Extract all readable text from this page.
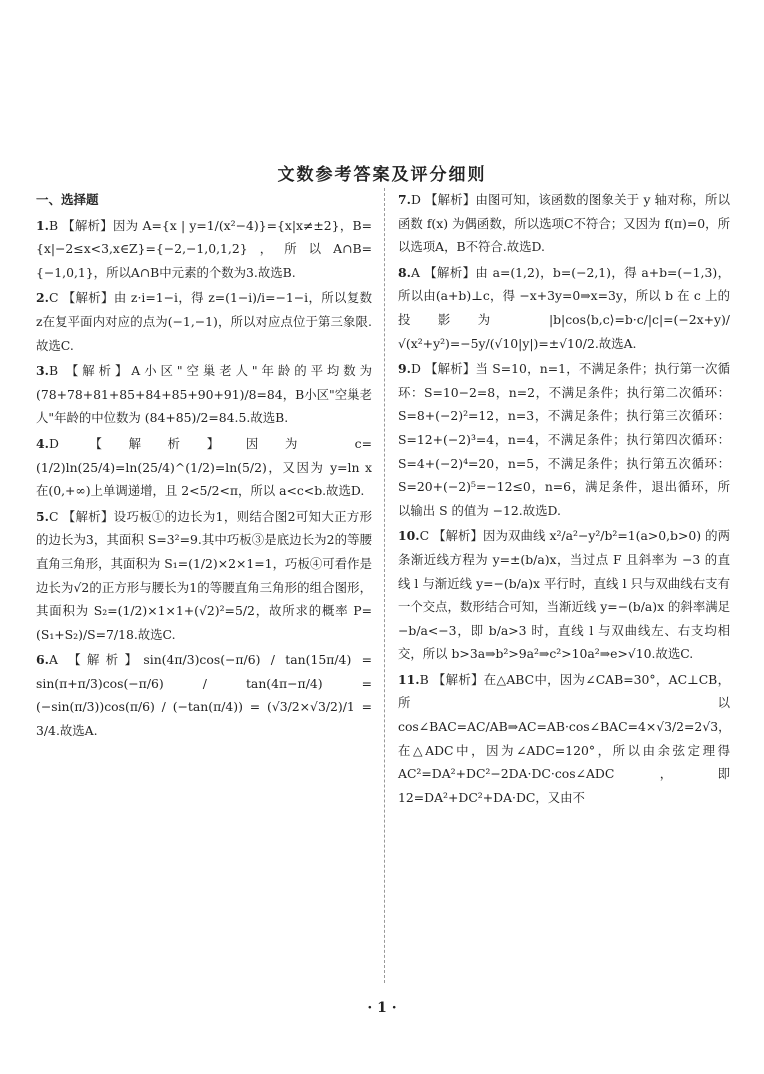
文数参考答案及评分细则
一、选择题
1.B 【解析】因为 A={x | y=1/(x²−4)}={x|x≠±2}，B={x|−2≤x<3,x∈Z}={−2,−1,0,1,2}，所以A∩B={−1,0,1}，所以A∩B中元素的个数为3.故选B.
2.C 【解析】由 z·i=1−i，得 z=(1−i)/i=−1−i，所以复数z在复平面内对应的点为(−1,−1)，所以对应点位于第三象限.故选C.
3.B 【解析】A小区"空巢老人"年龄的平均数为 (78+78+81+85+84+85+90+91)/8=84，B小区"空巢老人"年龄的中位数为 (84+85)/2=84.5.故选B.
4.D 【解析】因为 c=(1/2)ln(25/4)=ln(25/4)^(1/2)=ln(5/2)，又因为 y=ln x 在(0,+∞)上单调递增，且 2<5/2<π，所以 a<c<b.故选D.
5.C 【解析】设巧板①的边长为1，则结合图2可知大正方形的边长为3，其面积 S=3²=9.其中巧板③是底边长为2的等腰直角三角形，其面积为 S₁=(1/2)×2×1=1，巧板④可看作是边长为√2的正方形与腰长为1的等腰直角三角形的组合图形，其面积为 S₂=(1/2)×1×1+(√2)²=5/2，故所求的概率 P=(S₁+S₂)/S=7/18.故选C.
6.A 【解析】sin(4π/3)cos(−π/6) / tan(15π/4) = sin(π+π/3)cos(−π/6) / tan(4π−π/4) = (−sin(π/3))cos(π/6) / (−tan(π/4)) = (√3/2×√3/2)/1 = 3/4.故选A.
7.D 【解析】由图可知，该函数的图象关于 y 轴对称，所以函数 f(x) 为偶函数，所以选项C不符合；又因为 f(π)=0，所以选项A，B不符合.故选D.
8.A 【解析】由 a=(1,2)，b=(−2,1)，得 a+b=(−1,3)，所以由(a+b)⊥c，得 −x+3y=0⇒x=3y，所以 b 在 c 上的投影为 |b|cos⟨b,c⟩=b·c/|c|=(−2x+y)/√(x²+y²)=−5y/(√10|y|)=±√10/2.故选A.
9.D 【解析】当 S=10，n=1，不满足条件；执行第一次循环：S=10−2=8，n=2，不满足条件；执行第二次循环：S=8+(−2)²=12，n=3，不满足条件；执行第三次循环：S=12+(−2)³=4，n=4，不满足条件；执行第四次循环：S=4+(−2)⁴=20，n=5，不满足条件；执行第五次循环：S=20+(−2)⁵=−12≤0，n=6，满足条件，退出循环，所以输出 S 的值为 −12.故选D.
10.C 【解析】因为双曲线 x²/a²−y²/b²=1(a>0,b>0) 的两条渐近线方程为 y=±(b/a)x，当过点 F 且斜率为 −3 的直线 l 与渐近线 y=−(b/a)x 平行时，直线 l 只与双曲线右支有一个交点，数形结合可知，当渐近线 y=−(b/a)x 的斜率满足 −b/a<−3，即 b/a>3 时，直线 l 与双曲线左、右支均相交，所以 b>3a⇒b²>9a²⇒c²>10a²⇒e>√10.故选C.
11.B 【解析】在△ABC中，因为∠CAB=30°，AC⊥CB，所以 cos∠BAC=AC/AB⇒AC=AB·cos∠BAC=4×√3/2=2√3，在△ADC中，因为∠ADC=120°，所以由余弦定理得 AC²=DA²+DC²−2DA·DC·cos∠ADC，即 12=DA²+DC²+DA·DC，又由不
· 1 ·
